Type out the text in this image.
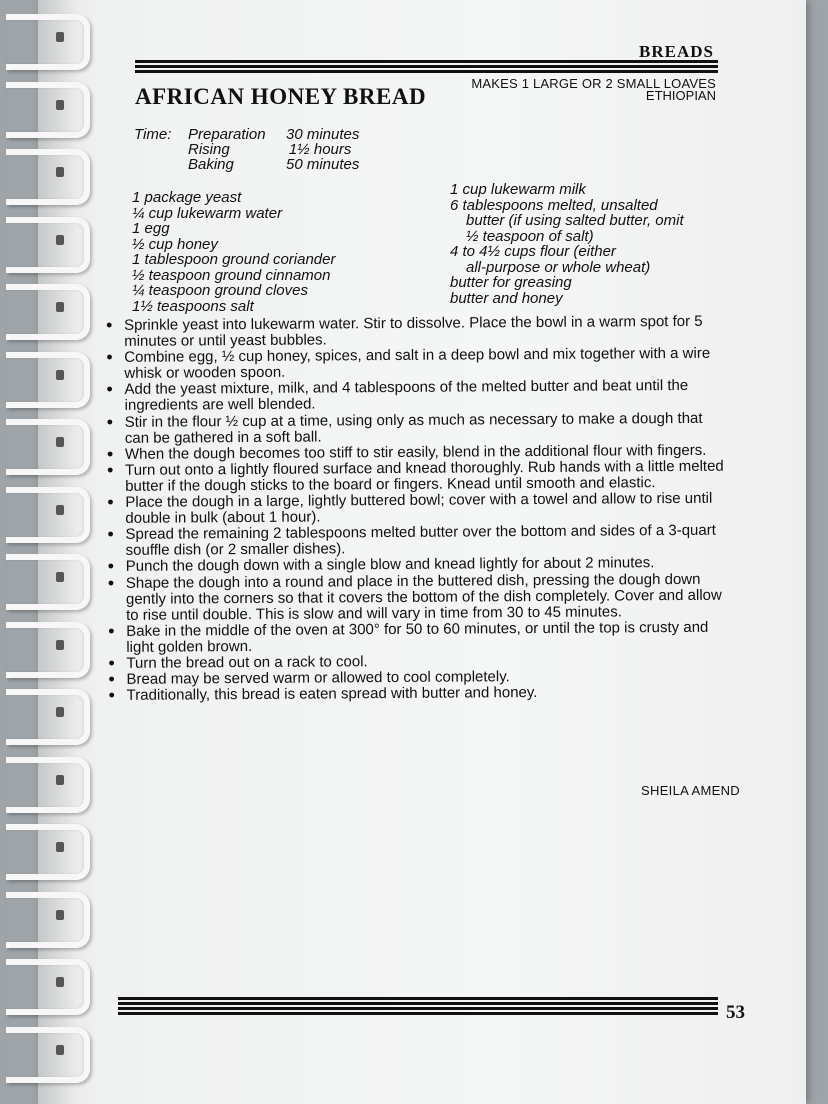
BREADS
AFRICAN HONEY BREAD
MAKES 1 LARGE OR 2 SMALL LOAVES
ETHIOPIAN
Time:	Preparation	30 minutes
	Rising	1½ hours
	Baking	50 minutes
1 package yeast
¼ cup lukewarm water
1 egg
½ cup honey
1 tablespoon ground coriander
½ teaspoon ground cinnamon
¼ teaspoon ground cloves
1½ teaspoons salt
1 cup lukewarm milk
6 tablespoons melted, unsalted
butter (if using salted butter, omit
½ teaspoon of salt)
4 to 4½ cups flour (either
all-purpose or whole wheat)
butter for greasing
butter and honey

• Sprinkle yeast into lukewarm water. Stir to dissolve. Place the bowl in a warm spot for 5 minutes or until yeast bubbles.

• Combine egg, ½ cup honey, spices, and salt in a deep bowl and mix together with a wire whisk or wooden spoon.

• Add the yeast mixture, milk, and 4 tablespoons of the melted butter and beat until the ingredients are well blended.

• Stir in the flour ½ cup at a time, using only as much as necessary to make a dough that can be gathered in a soft ball.

• When the dough becomes too stiff to stir easily, blend in the additional flour with fingers.

• Turn out onto a lightly floured surface and knead thoroughly. Rub hands with a little melted butter if the dough sticks to the board or fingers. Knead until smooth and elastic.

• Place the dough in a large, lightly buttered bowl; cover with a towel and allow to rise until double in bulk (about 1 hour).

• Spread the remaining 2 tablespoons melted butter over the bottom and sides of a 3-quart souffle dish (or 2 smaller dishes).

• Punch the dough down with a single blow and knead lightly for about 2 minutes.

• Shape the dough into a round and place in the buttered dish, pressing the dough down gently into the corners so that it covers the bottom of the dish completely. Cover and allow to rise until double. This is slow and will vary in time from 30 to 45 minutes.

• Bake in the middle of the oven at 300° for 50 to 60 minutes, or until the top is crusty and light golden brown.

• Turn the bread out on a rack to cool.

• Bread may be served warm or allowed to cool completely.

• Traditionally, this bread is eaten spread with butter and honey.

SHEILA AMEND
53
